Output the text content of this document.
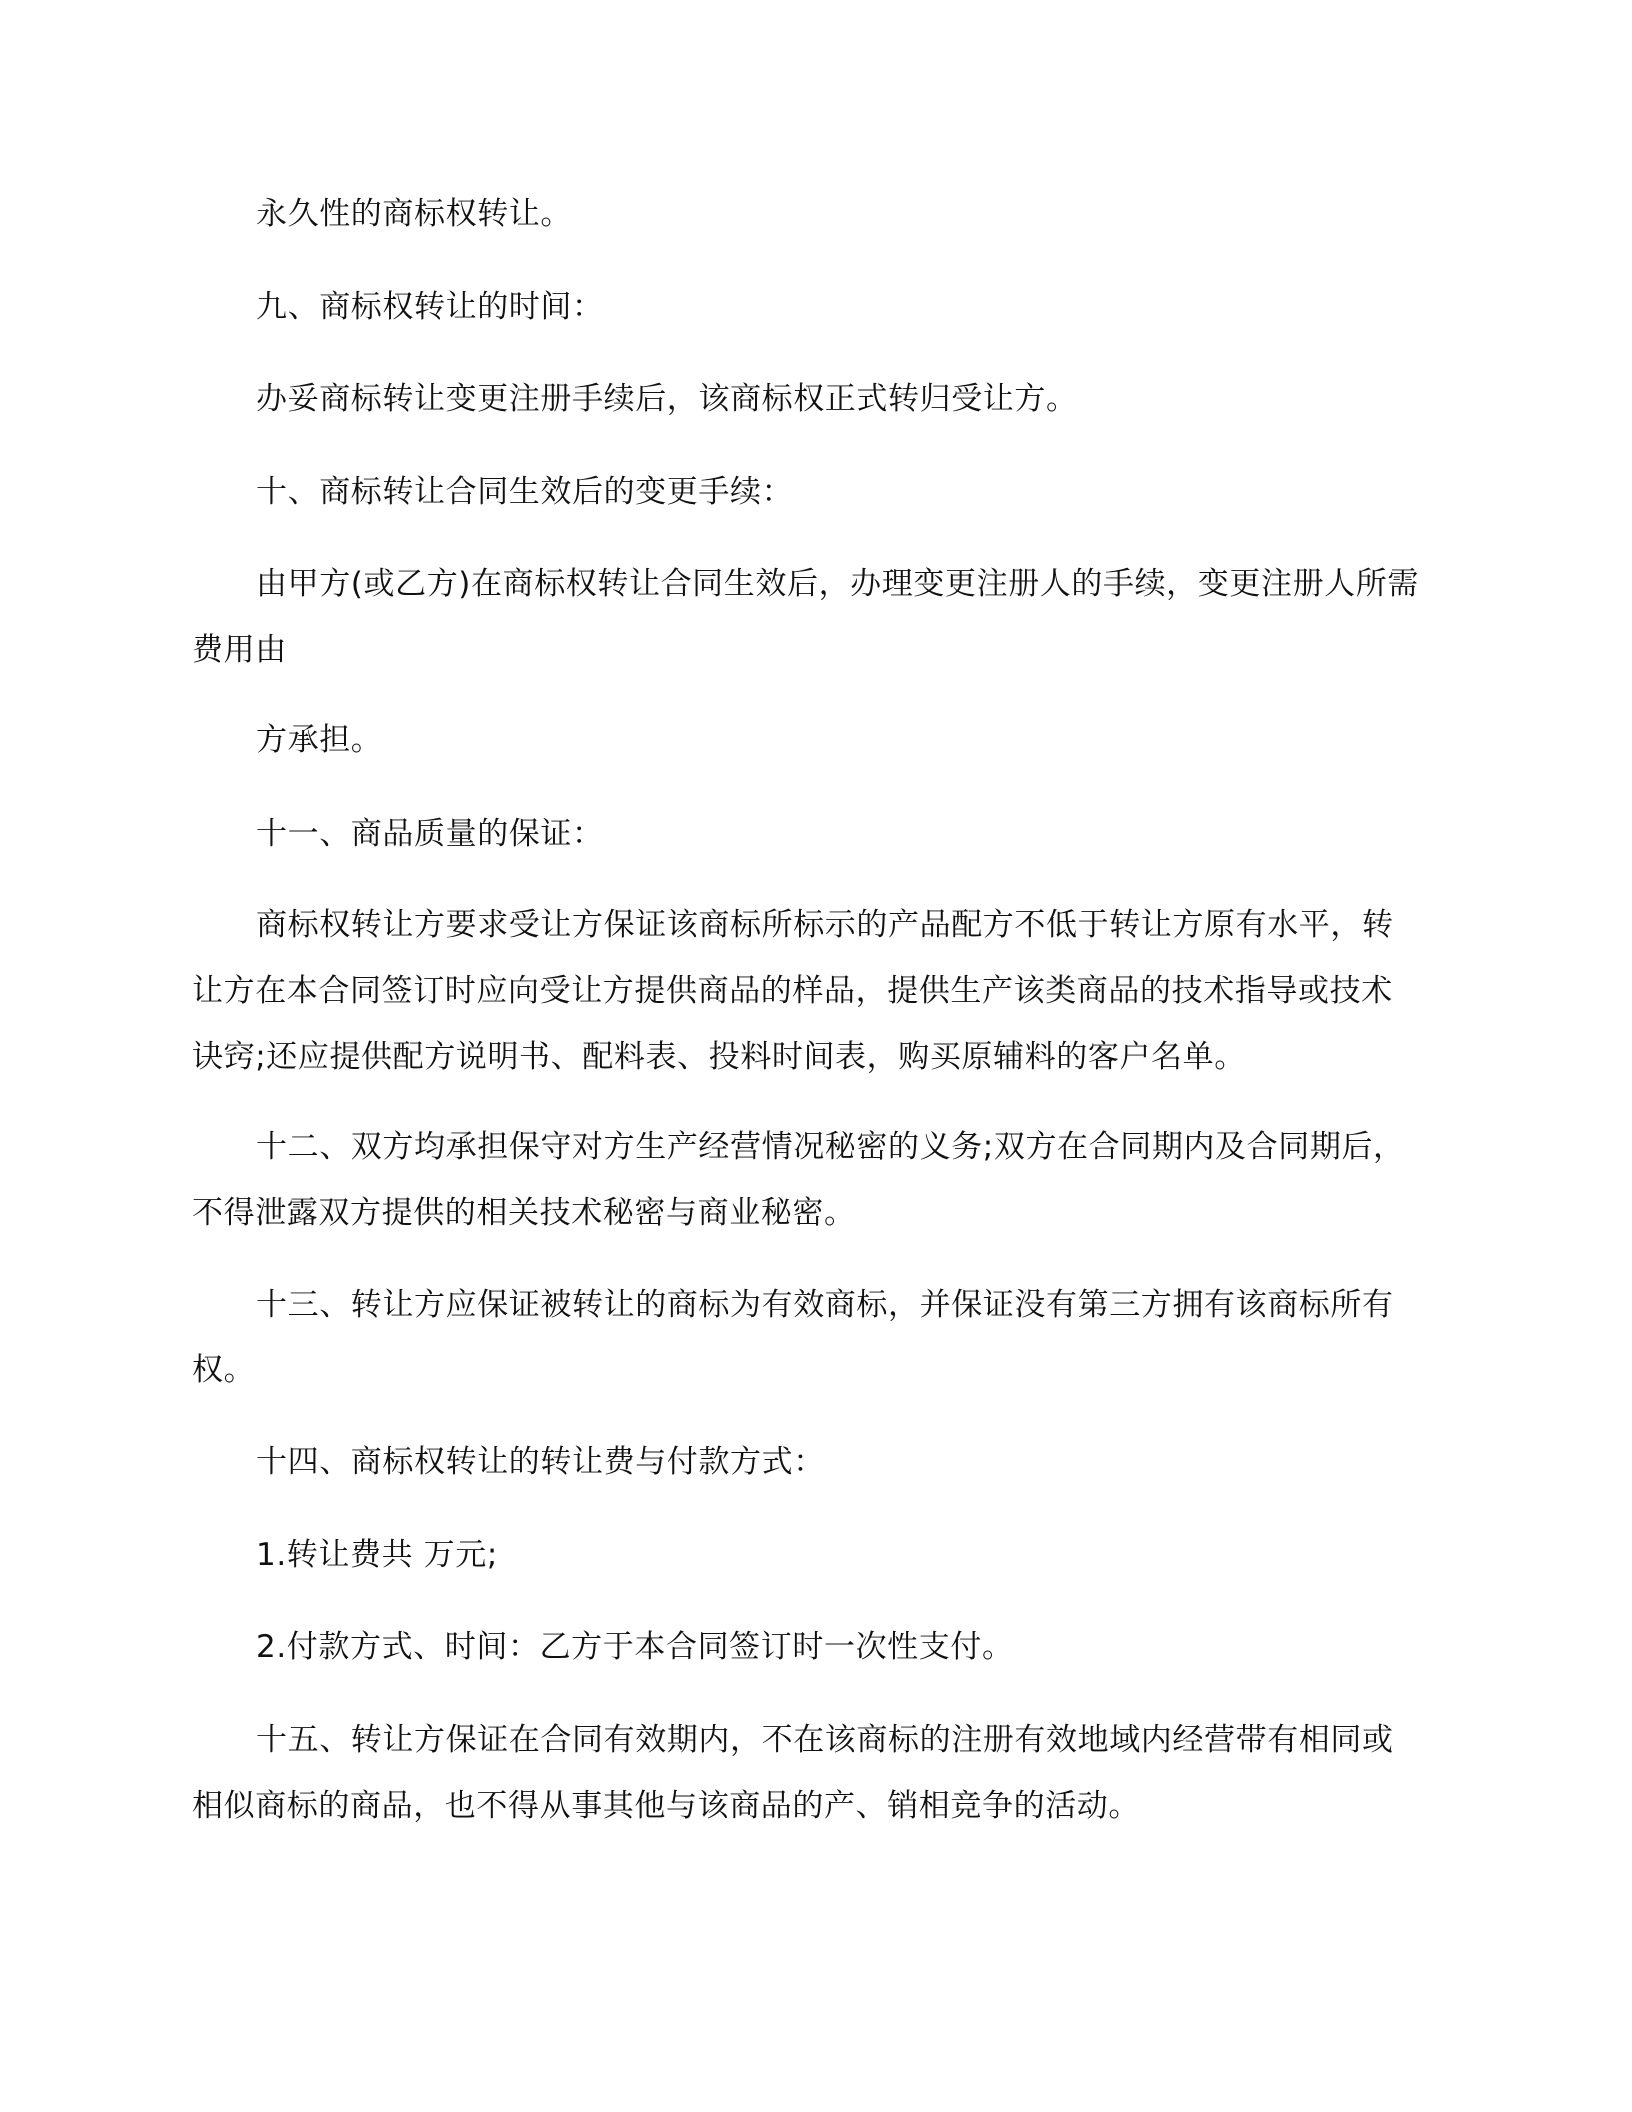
永久性的商标权转让。
九、商标权转让的时间：
办妥商标转让变更注册手续后，该商标权正式转归受让方。
十、商标转让合同生效后的变更手续：
由甲方(或乙方)在商标权转让合同生效后，办理变更注册人的手续，变更注册人所需
费用由
方承担。
十一、商品质量的保证：
商标权转让方要求受让方保证该商标所标示的产品配方不低于转让方原有水平，转
让方在本合同签订时应向受让方提供商品的样品，提供生产该类商品的技术指导或技术
诀窍;还应提供配方说明书、配料表、投料时间表，购买原辅料的客户名单。
十二、双方均承担保守对方生产经营情况秘密的义务;双方在合同期内及合同期后，
不得泄露双方提供的相关技术秘密与商业秘密。
十三、转让方应保证被转让的商标为有效商标，并保证没有第三方拥有该商标所有
权。
十四、商标权转让的转让费与付款方式：
1.转让费共 万元;
2.付款方式、时间：乙方于本合同签订时一次性支付。
十五、转让方保证在合同有效期内，不在该商标的注册有效地域内经营带有相同或
相似商标的商品，也不得从事其他与该商品的产、销相竞争的活动。
